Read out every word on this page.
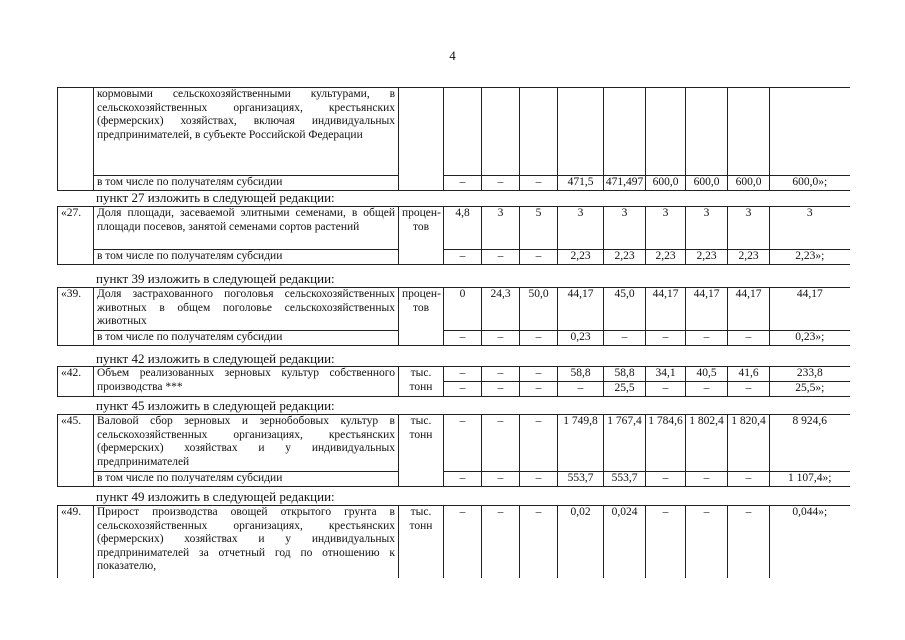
4
	кормовыми сельскохозяйственными культурами, в сельскохозяйственных организациях, крестьянских (фермерских) хозяйствах, включая индивидуальных предпринимателей, в субъекте Российской Федерации										
	в том числе по получателям субсидии		–	–	–	471,5	471,497	600,0	600,0	600,0	600,0»;
пункт 27 изложить в следующей редакции:
«27.	Доля площади, засеваемой элитными семенами, в общей площади посевов, занятой семенами сортов растений	процен-тов	4,8	3	5	3	3	3	3	3	3
	в том числе по получателям субсидии		–	–	–	2,23	2,23	2,23	2,23	2,23	2,23»;
пункт 39 изложить в следующей редакции:
«39.	Доля застрахованного поголовья сельскохозяйственных животных в общем поголовье сельскохозяйственных животных	процен-тов	0	24,3	50,0	44,17	45,0	44,17	44,17	44,17	44,17
	в том числе по получателям субсидии		–	–	–	0,23	–	–	–	–	0,23»;
пункт 42 изложить в следующей редакции:
«42.	Объем реализованных зерновых культур собственного производства ***	тыс. тонн	–	–	–	58,8	58,8	34,1	40,5	41,6	233,8
			–	–	–	–	25,5	–	–	–	25,5»;
пункт 45 изложить в следующей редакции:
«45.	Валовой сбор зерновых и зернобобовых культур в сельскохозяйственных организациях, крестьянских (фермерских) хозяйствах и у индивидуальных предпринимателей	тыс. тонн	–	–	–	1 749,8	1 767,4	1 784,6	1 802,4	1 820,4	8 924,6
	в том числе по получателям субсидии		–	–	–	553,7	553,7	–	–	–	1 107,4»;
пункт 49 изложить в следующей редакции:
«49.	Прирост производства овощей открытого грунта в сельскохозяйственных организациях, крестьянских (фермерских) хозяйствах и у индивидуальных предпринимателей за отчетный год по отношению к показателю,	тыс. тонн	–	–	–	0,02	0,024	–	–	–	0,044»;
